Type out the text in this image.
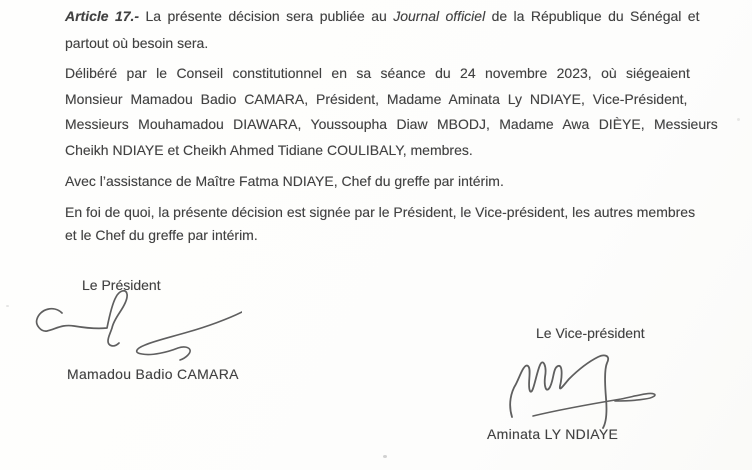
Article 17.- La présente décision sera publiée au Journal officiel de la République du Sénégal et
partout où besoin sera.

Délibéré par le Conseil constitutionnel en sa séance du 24 novembre 2023, où siégeaient
Monsieur Mamadou Badio CAMARA, Président, Madame Aminata Ly NDIAYE, Vice-Président,
Messieurs Mouhamadou DIAWARA, Youssoupha Diaw MBODJ, Madame Awa DIÈYE, Messieurs
Cheikh NDIAYE et Cheikh Ahmed Tidiane COULIBALY, membres.

Avec l’assistance de Maître Fatma NDIAYE, Chef du greffe par intérim.

En foi de quoi, la présente décision est signée par le Président, le Vice-président, les autres membres
et le Chef du greffe par intérim.

Le Président
Mamadou Badio CAMARA
Le Vice-président
Aminata LY NDIAYE
